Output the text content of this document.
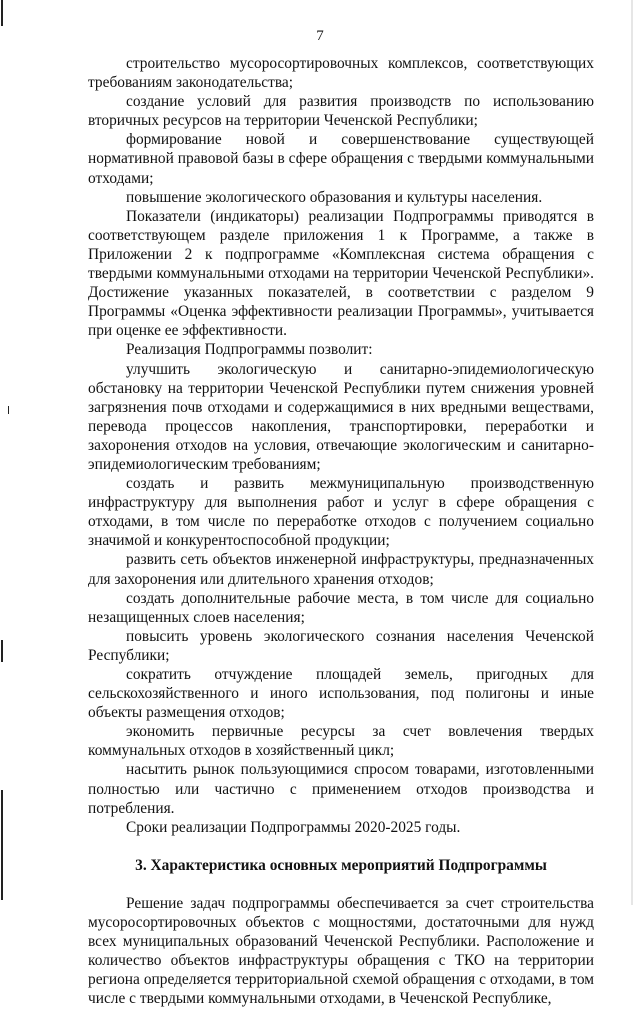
7

строительство мусоросортировочных комплексов, соответствующих требованиям законодательства;

создание условий для развития производств по использованию вторичных ресурсов на территории Чеченской Республики;

формирование новой и совершенствование существующей нормативной правовой базы в сфере обращения с твердыми коммунальными отходами;

повышение экологического образования и культуры населения.

Показатели (индикаторы) реализации Подпрограммы приводятся в соответствующем разделе приложения 1 к Программе, а также в Приложении 2 к подпрограмме «Комплексная система обращения с твердыми коммунальными отходами на территории Чеченской Республики». Достижение указанных показателей, в соответствии с разделом 9 Программы «Оценка эффективности реализации Программы», учитывается при оценке ее эффективности.

Реализация Подпрограммы позволит:

улучшить экологическую и санитарно-эпидемиологическую обстановку на территории Чеченской Республики путем снижения уровней загрязнения почв отходами и содержащимися в них вредными веществами, перевода процессов накопления, транспортировки, переработки и захоронения отходов на условия, отвечающие экологическим и санитарно-эпидемиологическим требованиям;

создать и развить межмуниципальную производственную инфраструктуру для выполнения работ и услуг в сфере обращения с отходами, в том числе по переработке отходов с получением социально значимой и конкурентоспособной продукции;

развить сеть объектов инженерной инфраструктуры, предназначенных для захоронения или длительного хранения отходов;

создать дополнительные рабочие места, в том числе для социально незащищенных слоев населения;

повысить уровень экологического сознания населения Чеченской Республики;

сократить отчуждение площадей земель, пригодных для сельскохозяйственного и иного использования, под полигоны и иные объекты размещения отходов;

экономить первичные ресурсы за счет вовлечения твердых коммунальных отходов в хозяйственный цикл;

насытить рынок пользующимися спросом товарами, изготовленными полностью или частично с применением отходов производства и потребления.

Сроки реализации Подпрограммы 2020-2025 годы.

3. Характеристика основных мероприятий Подпрограммы

Решение задач подпрограммы обеспечивается за счет строительства мусоросортировочных объектов с мощностями, достаточными для нужд всех муниципальных образований Чеченской Республики. Расположение и количество объектов инфраструктуры обращения с ТКО на территории региона определяется территориальной схемой обращения с отходами, в том числе с твердыми коммунальными отходами, в Чеченской Республике,
